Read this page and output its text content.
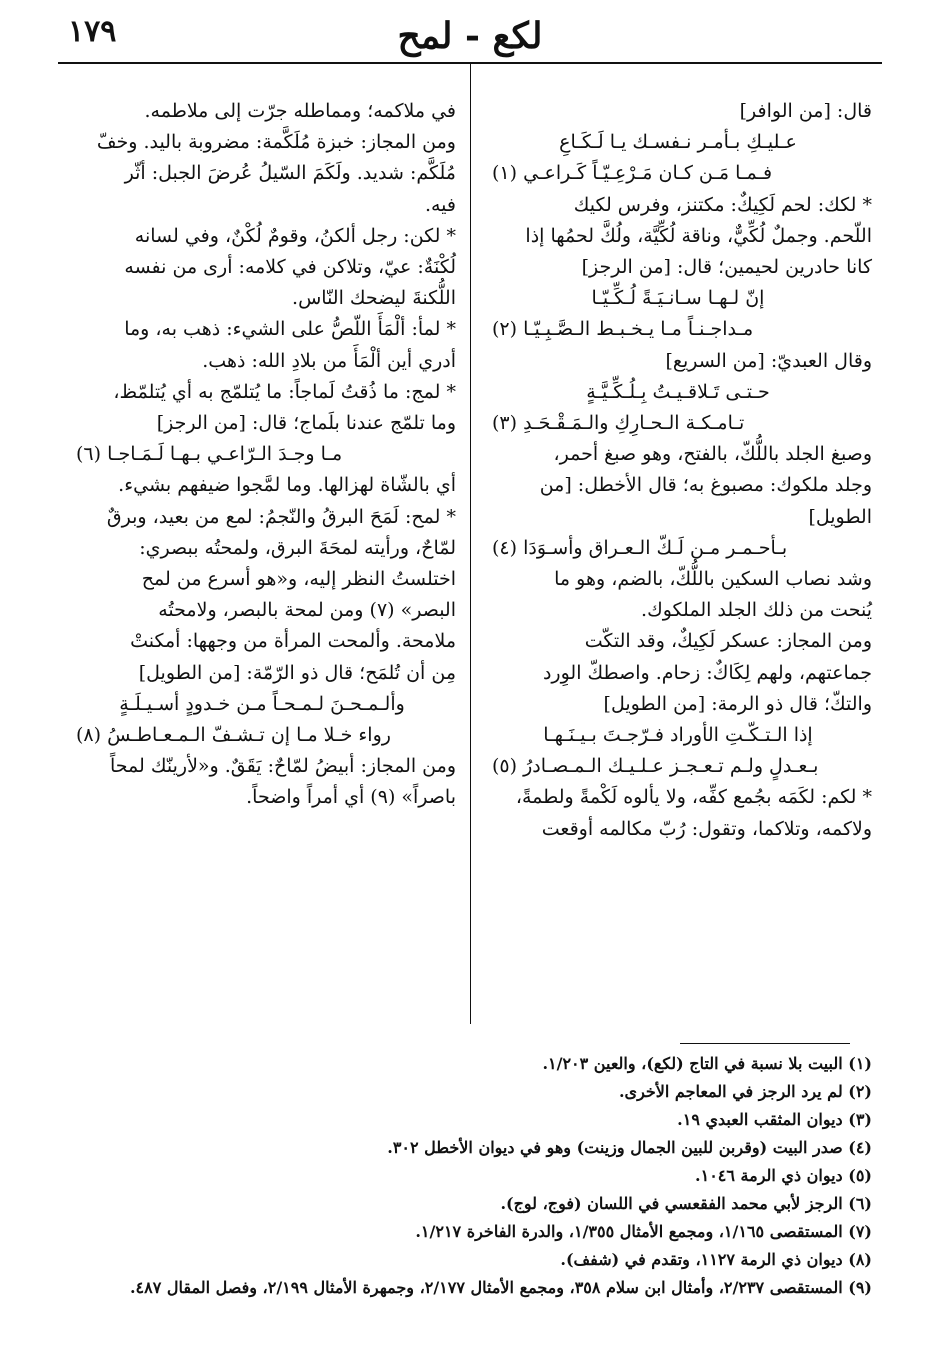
١٧٩	لكع - لمح
قال: [من الوافر]
عـليـكِ بـأمـر نـفسـك يـا لَـكَـاعِ
فـمـا مَـن كـان مَـرْعِـيّـاً كَـراعـي (١)
* لكك: لحم لَكِيكٌ: مكتنز، وفرس لكيك
اللّحم. وجملٌ لُكِّيٌّ، وناقة لُكِّيَّة، ولُكَّ لحمُها إذا
كانا حادرين لحيمين؛ قال: [من الرجز]
إنّ لـهـا سـانـيَـةً لُـكِّـيّـا
مـداجـنـاً مـا يـخـبـط الـصَّـبِـيّـا (٢)
وقال العبديّ: [من السريع]
حـتـى تَـلاقـيـتُ بِـلُـكِّـيَّـةٍ
تـامـكـة الـحـارِكِ والـمَـقْـحَـدِ (٣)
وصبغ الجلد باللُّكّ، بالفتح، وهو صبغ أحمر،
وجلد ملكوك: مصبوغ به؛ قال الأخطل: [من
الطويل]
بـأحـمـر مـن لَـكّ الـعـراق وأسـوَدَا (٤)
وشد نصاب السكين باللُّكّ، بالضم، وهو ما
يُنحت من ذلك الجلد الملكوك.
ومن المجاز: عسكر لَكِيكٌ، وقد التكّت
جماعتهم، ولهم لِكَاكٌ: زحام. واصطكّ الوِرد
والتكّ؛ قال ذو الرمة: [من الطويل]
إذا الـتـكّـتِ الأوراد فـرّجـتَ بـيـنَـهـا
بـعـدلٍ ولـم تـعـجـز عـلـيـك الـمـصـادرُ (٥)
* لكم: لكَمَه بجُمع كفِّه، ولا يألوه لَكْمةً ولطمةً،
ولاكمه، وتلاكما، وتقول: رُبّ مكالمه أوقعت
في ملاكمه؛ ومماطله جرّت إلى ملاطمه.
ومن المجاز: خبزة مُلَكَّمة: مضروبة باليد. وخفّ
مُلَكَّم: شديد. ولَكَمَ السّيلُ عُرضَ الجبل: أثّر
فيه.
* لكن: رجل ألكنُ، وقومٌ لُكْنٌ، وفي لسانه
لُكْنَةٌ: عيّ، وتلاكن في كلامه: أرى من نفسه
اللُّكنةَ ليضحك النّاس.
* لمأ: ألْمَأَ اللّصُّ على الشيء: ذهب به، وما
أدري أين ألْمَأَ من بلادِ الله: ذهب.
* لمج: ما ذُقتُ لَماجاً: ما يُتلمّج به أي يُتلمّظ،
وما تلمّج عندنا بلَماج؛ قال: [من الرجز]
مـا وجـدَ الـرّاعـي بـهـا لَـمَـاجـا (٦)
أي بالشّاة لهزالها. وما لمَّجوا ضيفهم بشيء.
* لمح: لَمَحَ البرقُ والنّجمُ: لمع من بعيد، وبرقٌ
لمّاحٌ، ورأيته لمحَةَ البرق، ولمحتُه ببصري:
اختلستُ النظر إليه، و«هو أسرع من لمح
البصر» (٧) ومن لمحة بالبصر، ولامحتُه
ملامحة. وألمحت المرأة من وجهها: أمكنتْ
مِن أن تُلمَح؛ قال ذو الرّمّة: [من الطويل]
وألـمـحـنَ لـمـحـاً مـن خـدودٍ أسـيـلَـةٍ
رواء خـلا مـا إن تـشـفّ الـمـعـاطـسُ (٨)
ومن المجاز: أبيضُ لمّاحٌ: يَقَقٌ. و«لأرينّك لمحاً
باصراً» (٩) أي أمراً واضحاً.
(١) البيت بلا نسبة في التاج (لكع)، والعين ١/٢٠٣.
(٢) لم يرد الرجز في المعاجم الأخرى.
(٣) ديوان المثقب العبدي ١٩.
(٤) صدر البيت (وقربن للبين الجمال وزينت) وهو في ديوان الأخطل ٣٠٢.
(٥) ديوان ذي الرمة ١٠٤٦.
(٦) الرجز لأبي محمد الفقعسي في اللسان (فوج، لوج).
(٧) المستقصى ١/١٦٥، ومجمع الأمثال ١/٣٥٥، والدرة الفاخرة ١/٢١٧.
(٨) ديوان ذي الرمة ١١٢٧، وتقدم في (شفف).
(٩) المستقصى ٢/٢٣٧، وأمثال ابن سلام ٣٥٨، ومجمع الأمثال ٢/١٧٧، وجمهرة الأمثال ٢/١٩٩، وفصل المقال ٤٨٧.
